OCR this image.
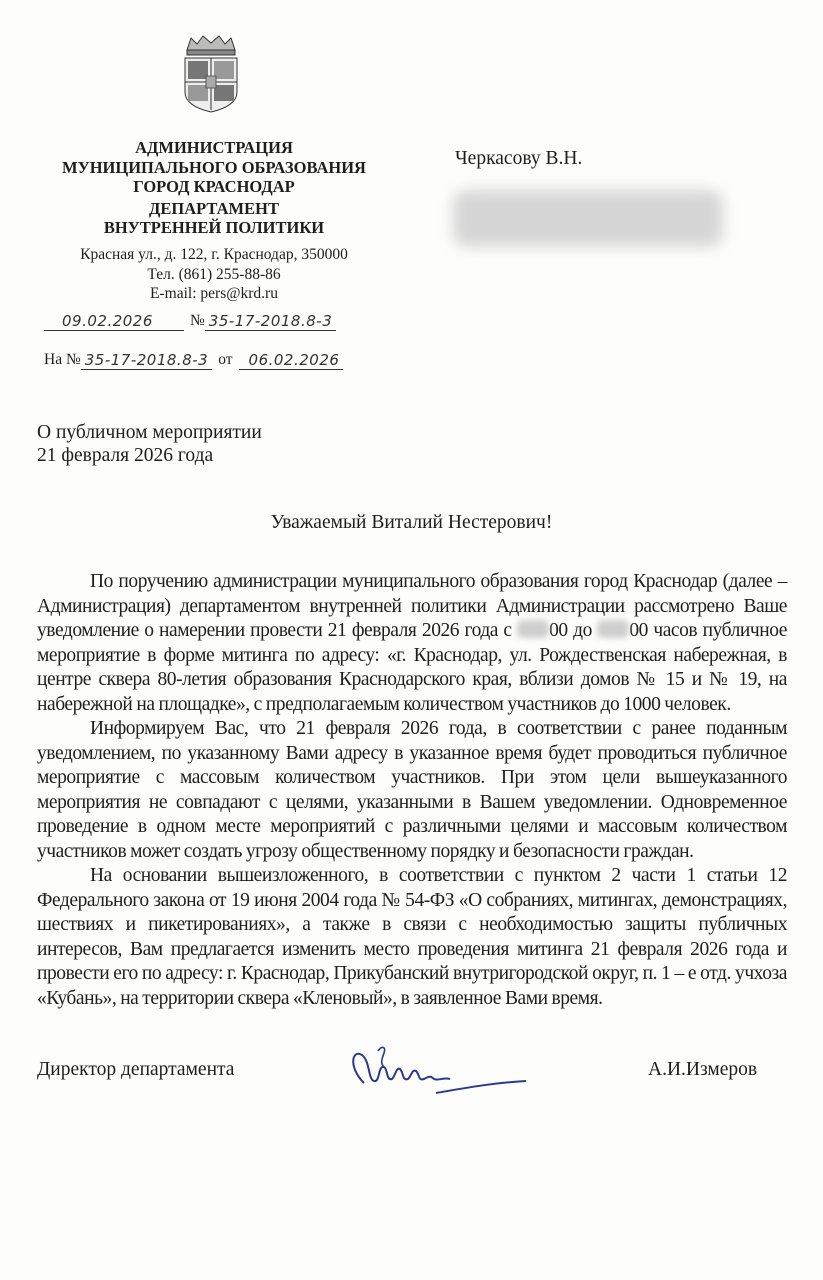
АДМИНИСТРАЦИЯ
МУНИЦИПАЛЬНОГО ОБРАЗОВАНИЯ
ГОРОД КРАСНОДАР
ДЕПАРТАМЕНТ
ВНУТРЕННЕЙ ПОЛИТИКИ
Красная ул., д. 122, г. Краснодар, 350000
Тел. (861) 255-88-86
E-mail: pers@krd.ru
09.02.2026 № 35-17-2018.8-3
На № 35-17-2018.8-3 от 06.02.2026
Черкасову В.Н.
О публичном мероприятии
21 февраля 2026 года
Уважаемый Виталий Нестерович!

По поручению администрации муниципального образования город Краснодар (далее – Администрация) департаментом внутренней политики Администрации рассмотрено Ваше уведомление о намерении провести 21 февраля 2026 года с 00 до 00 часов публичное мероприятие в форме митинга по адресу: «г. Краснодар, ул. Рождественская набережная, в центре сквера 80-летия образования Краснодарского края, вблизи домов № 15 и № 19, на набережной на площадке», с предполагаемым количеством участников до 1000 человек.

Информируем Вас, что 21 февраля 2026 года, в соответствии с ранее поданным уведомлением, по указанному Вами адресу в указанное время будет проводиться публичное мероприятие с массовым количеством участников. При этом цели вышеуказанного мероприятия не совпадают с целями, указанными в Вашем уведомлении. Одновременное проведение в одном месте мероприятий с различными целями и массовым количеством участников может создать угрозу общественному порядку и безопасности граждан.

На основании вышеизложенного, в соответствии с пунктом 2 части 1 статьи 12 Федерального закона от 19 июня 2004 года № 54-ФЗ «О собраниях, митингах, демонстрациях, шествиях и пикетированиях», а также в связи с необходимостью защиты публичных интересов, Вам предлагается изменить место проведения митинга 21 февраля 2026 года и провести его по адресу: г. Краснодар, Прикубанский внутригородской округ, п. 1 – е отд. учхоза «Кубань», на территории сквера «Кленовый», в заявленное Вами время.

Директор департамента	А.И.Измеров
